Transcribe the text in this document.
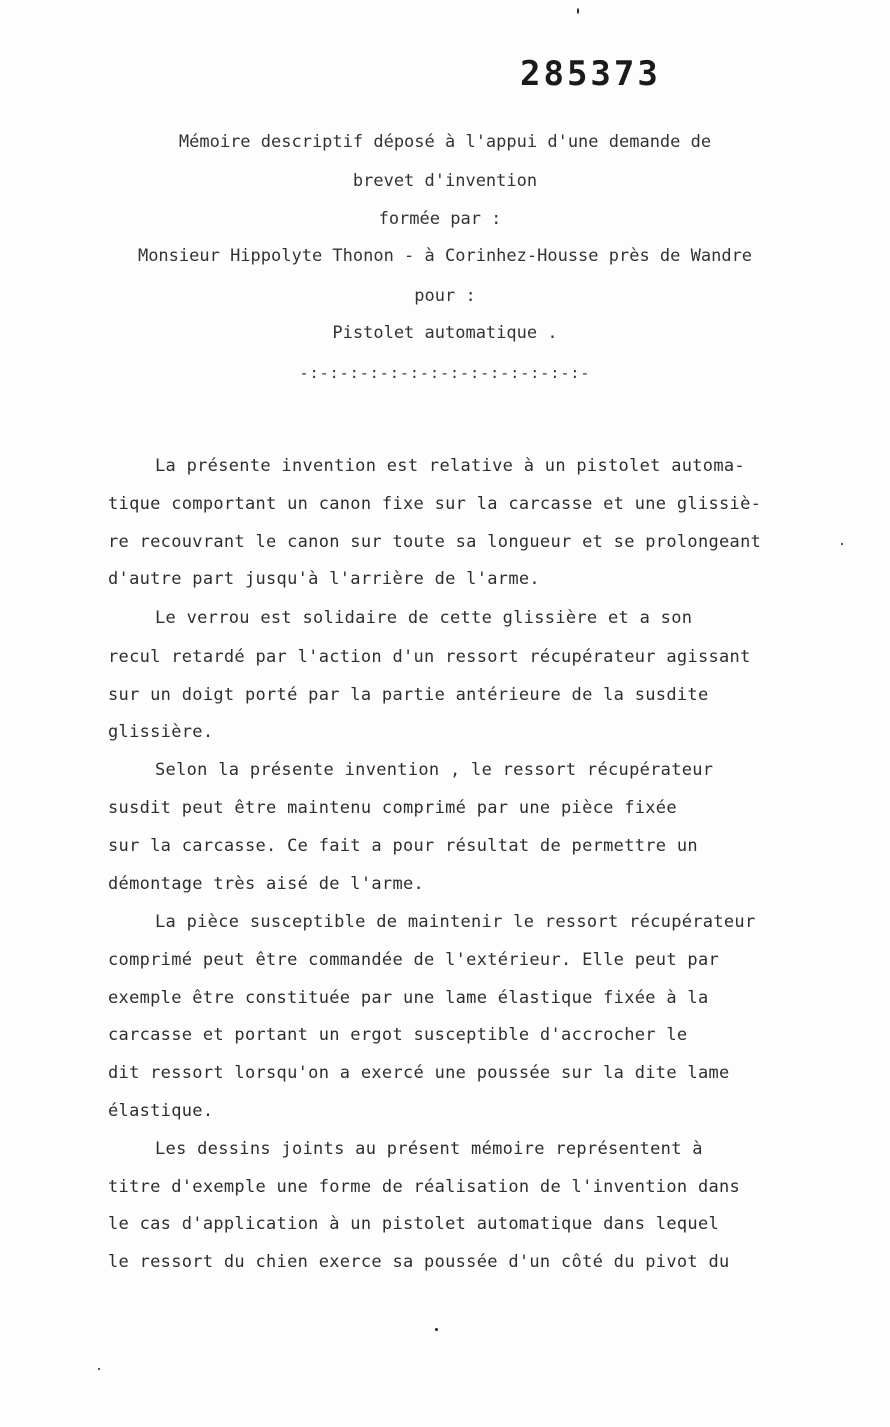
285373
Mémoire descriptif déposé à l'appui d'une demande de
brevet d'invention
formée par :
Monsieur Hippolyte Thonon - à Corinhez-Housse près de Wandre
pour :
Pistolet automatique .
-:-:-:-:-:-:-:-:-:-:-:-:-:-:-
La présente invention est relative à un pistolet automa-
tique comportant un canon fixe sur la carcasse et une glissiè-
re recouvrant le canon sur toute sa longueur et se prolongeant
d'autre part jusqu'à l'arrière de l'arme.
Le verrou est solidaire de cette glissière et a son
recul retardé par l'action d'un ressort récupérateur agissant
sur un doigt porté par la partie antérieure de la susdite
glissière.
Selon la présente invention , le ressort récupérateur
susdit peut être maintenu comprimé par une pièce fixée
sur la carcasse. Ce fait a pour résultat de permettre un
démontage très aisé de l'arme.
La pièce susceptible de maintenir le ressort récupérateur
comprimé peut être commandée de l'extérieur. Elle peut par
exemple être constituée par une lame élastique fixée à la
carcasse et portant un ergot susceptible d'accrocher le
dit ressort lorsqu'on a exercé une poussée sur la dite lame
élastique.
Les dessins joints au présent mémoire représentent à
titre d'exemple une forme de réalisation de l'invention dans
le cas d'application à un pistolet automatique dans lequel
le ressort du chien exerce sa poussée d'un côté du pivot du
